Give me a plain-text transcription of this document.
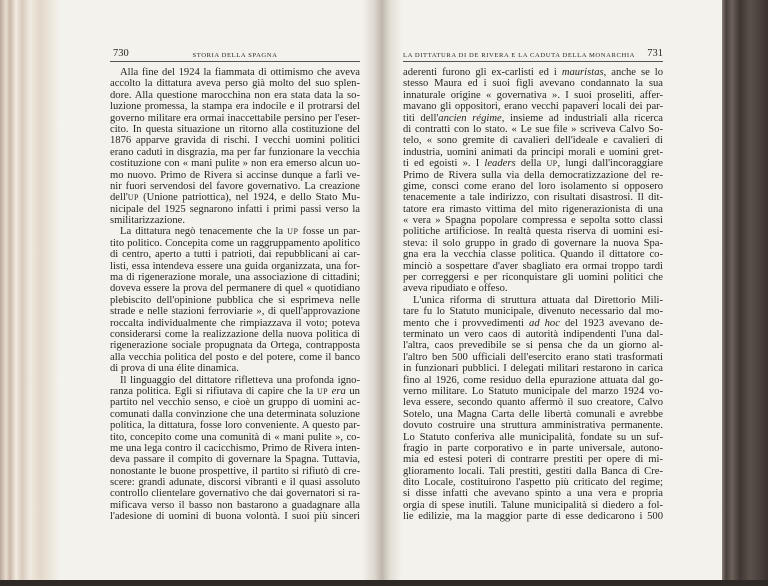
730	STORIA DELLA SPAGNA
Alla fine del 1924 la fiammata di ottimismo che aveva
accolto la dittatura aveva perso già molto del suo splen-
dore. Alla questione marocchina non era stata data la so-
luzione promessa, la stampa era indocile e il protrarsi del
governo militare era ormai inaccettabile persino per l'eser-
cito. In questa situazione un ritorno alla costituzione del
1876 apparve gravida di rischi. I vecchi uomini politici
erano caduti in disgrazia, ma per far funzionare la vecchia
costituzione con « mani pulite » non era emerso alcun uo-
mo nuovo. Primo de Rivera si accinse dunque a farli ve-
nir fuori servendosi del favore governativo. La creazione
dell'UP (Unione patriottica), nel 1924, e dello Stato Mu-
nicipale del 1925 segnarono infatti i primi passi verso la
smilitarizzazione.
La dittatura negò tenacemente che la UP fosse un par-
tito politico. Concepita come un raggruppamento apolitico
di centro, aperto a tutti i patrioti, dai repubblicani ai car-
listi, essa intendeva essere una guida organizzata, una for-
ma di rigenerazione morale, una associazione di cittadini;
doveva essere la prova del permanere di quel « quotidiano
plebiscito dell'opinione pubblica che si esprimeva nelle
strade e nelle stazioni ferroviarie », di quell'approvazione
roccalta individualmente che rimpiazzava il voto; poteva
considerarsi come la realizzazione della nuova politica di
rigenerazione sociale propugnata da Ortega, contrapposta
alla vecchia politica del posto e del potere, come il banco
di prova di una élite dinamica.
Il linguaggio del dittatore rifletteva una profonda igno-
ranza politica. Egli si rifiutava di capire che la UP era un
partito nel vecchio senso, e cioè un gruppo di uomini ac-
comunati dalla convinzione che una determinata soluzione
politica, la dittatura, fosse loro conveniente. A questo par-
tito, concepito come una comunità di « mani pulite », co-
me una lega contro il cacicchismo, Primo de Rivera inten-
deva passare il compito di governare la Spagna. Tuttavia,
nonostante le buone prospettive, il partito si rifiutò di cre-
scere: grandi adunate, discorsi vibranti e il quasi assoluto
controllo clientelare governativo che dai governatori si ra-
mificava verso il basso non bastarono a guadagnare alla
l'adesione di uomini di buona volontà. I suoi più sinceri
LA DITTATURA DI DE RIVERA E LA CADUTA DELLA MONARCHIA 731
aderenti furono gli ex-carlisti ed i mauristas, anche se lo
stesso Maura ed i suoi figli avevano condannato la sua
innaturale origine « governativa ». I suoi proseliti, affer-
mavano gli oppositori, erano vecchi papaveri locali dei par-
titi dell'ancien régime, insieme ad industriali alla ricerca
di contratti con lo stato. « Le sue file » scriveva Calvo So-
telo, « sono gremite di cavalieri dell'ideale e cavalieri di
industria, uomini animati da principi morali e uomini gret-
ti ed egoisti ». I leaders della UP, lungi dall'incoraggiare
Primo de Rivera sulla via della democratizzazione del re-
gime, consci come erano del loro isolamento si opposero
tenacemente a tale indirizzo, con risultati disastrosi. Il dit-
tatore era rimasto vittima del mito rigenerazionista di una
« vera » Spagna popolare compressa e sepolta sotto classi
politiche artificiose. In realtà questa riserva di uomini esi-
steva: il solo gruppo in grado di governare la nuova Spa-
gna era la vecchia classe politica. Quando il dittatore co-
minciò a sospettare d'aver sbagliato era ormai troppo tardi
per correggersi e per riconquistare gli uomini politici che
aveva ripudiato e offeso.
L'unica riforma di struttura attuata dal Direttorio Mili-
tare fu lo Statuto municipale, divenuto necessario dal mo-
mento che i provvedimenti ad hoc del 1923 avevano de-
terminato un vero caos di autorità indipendenti l'una dal-
l'altra, caos prevedibile se si pensa che da un giorno al-
l'altro ben 500 ufficiali dell'esercito erano stati trasformati
in funzionari pubblici. I delegati militari restarono in carica
fino al 1926, come residuo della epurazione attuata dal go-
verno militare. Lo Statuto municipale del marzo 1924 vo-
leva essere, secondo quanto affermò il suo creatore, Calvo
Sotelo, una Magna Carta delle libertà comunali e avrebbe
dovuto costruire una struttura amministrativa permanente.
Lo Statuto conferiva alle municipalità, fondate su un suf-
fragio in parte corporativo e in parte universale, autono-
mia ed estesi poteri di contrarre prestiti per opere di mi-
glioramento locali. Tali prestiti, gestiti dalla Banca di Cre-
dito Locale, costituirono l'aspetto più criticato del regime;
si disse infatti che avevano spinto a una vera e propria
orgia di spese inutili. Talune municipalità si diedero a fol-
lie edilizie, ma la maggior parte di esse dedicarono i 500
